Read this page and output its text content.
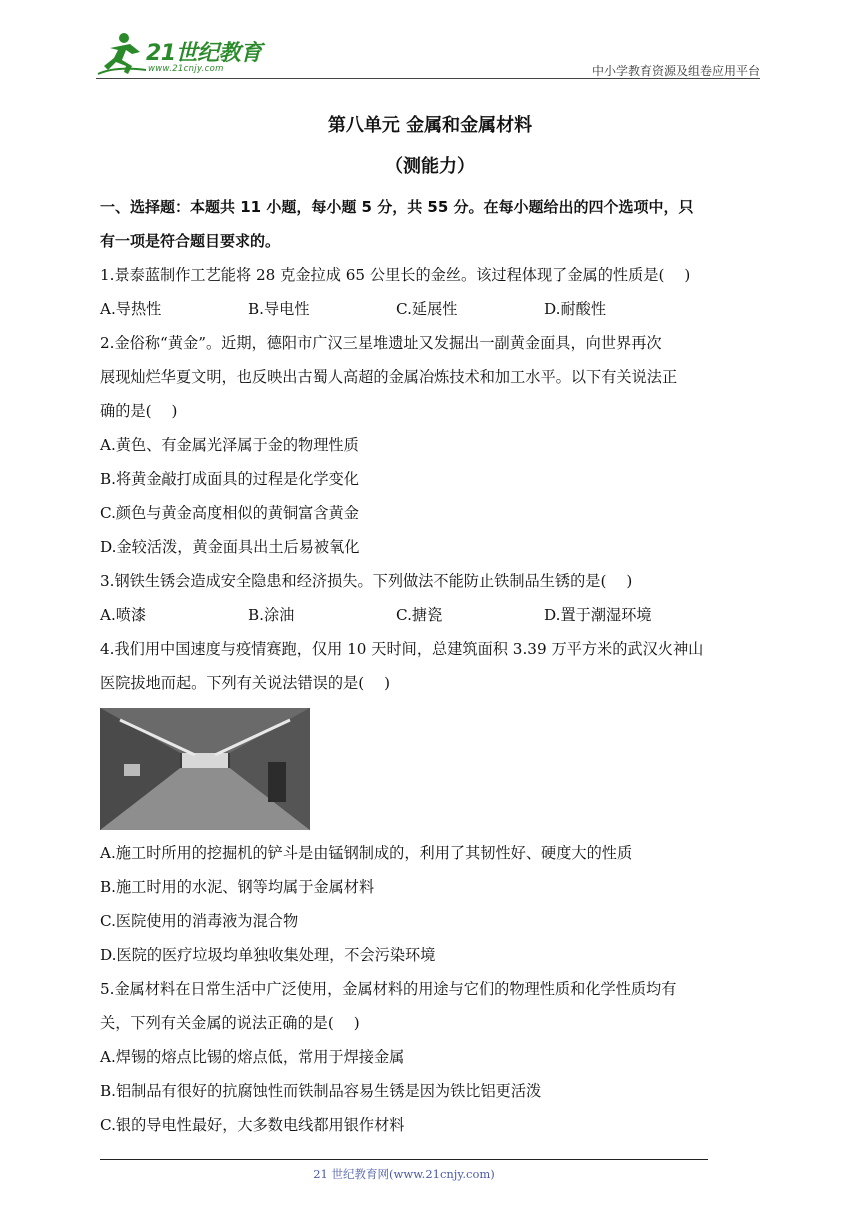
21世纪教育
www.21cnjy.com	中小学教育资源及组卷应用平台
第八单元 金属和金属材料
（测能力）
一、选择题：本题共 11 小题，每小题 5 分，共 55 分。在每小题给出的四个选项中，只
有一项是符合题目要求的。
1.景泰蓝制作工艺能将 28 克金拉成 65 公里长的金丝。该过程体现了金属的性质是(　 )
A.导热性	B.导电性	C.延展性	D.耐酸性
2.金俗称“黄金”。近期，德阳市广汉三星堆遗址又发掘出一副黄金面具，向世界再次
展现灿烂华夏文明，也反映出古蜀人高超的金属冶炼技术和加工水平。以下有关说法正
确的是(　 )
A.黄色、有金属光泽属于金的物理性质
B.将黄金敲打成面具的过程是化学变化
C.颜色与黄金高度相似的黄铜富含黄金
D.金较活泼，黄金面具出土后易被氧化
3.钢铁生锈会造成安全隐患和经济损失。下列做法不能防止铁制品生锈的是(　 )
A.喷漆	B.涂油	C.搪瓷	D.置于潮湿环境
4.我们用中国速度与疫情赛跑，仅用 10 天时间，总建筑面积 3.39 万平方米的武汉火神山
医院拔地而起。下列有关说法错误的是(　 )
A.施工时所用的挖掘机的铲斗是由锰钢制成的，利用了其韧性好、硬度大的性质
B.施工时用的水泥、钢等均属于金属材料
C.医院使用的消毒液为混合物
D.医院的医疗垃圾均单独收集处理，不会污染环境
5.金属材料在日常生活中广泛使用，金属材料的用途与它们的物理性质和化学性质均有
关，下列有关金属的说法正确的是(　 )
A.焊锡的熔点比锡的熔点低，常用于焊接金属
B.铝制品有很好的抗腐蚀性而铁制品容易生锈是因为铁比铝更活泼
C.银的导电性最好，大多数电线都用银作材料
21 世纪教育网(www.21cnjy.com)
